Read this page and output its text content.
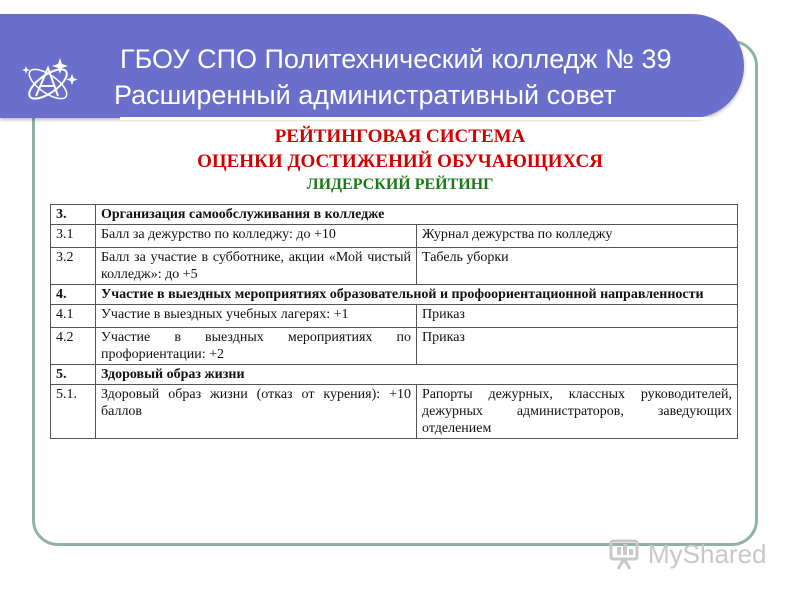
ГБОУ СПО Политехнический колледж № 39
Расширенный административный совет
РЕЙТИНГОВАЯ СИСТЕМА
ОЦЕНКИ ДОСТИЖЕНИЙ ОБУЧАЮЩИХСЯ
ЛИДЕРСКИЙ РЕЙТИНГ
3.	Организация самообслуживания в колледже	
3.1	Балл за дежурство по колледжу: до +10	Журнал дежурства по колледжу
3.2	Балл за участие в субботнике, акции «Мой чистый колледж»: до +5	Табель уборки
4.	Участие в выездных мероприятиях образовательной и профоориентационной направленности	
4.1	Участие в выездных учебных лагерях: +1	Приказ
4.2	Участие в выездных мероприятиях по профориентации: +2	Приказ
5.	Здоровый образ жизни	
5.1.	Здоровый образ жизни (отказ от курения): +10 баллов	Рапорты дежурных, классных руководителей, дежурных администраторов, заведующих отделением
MyShared
